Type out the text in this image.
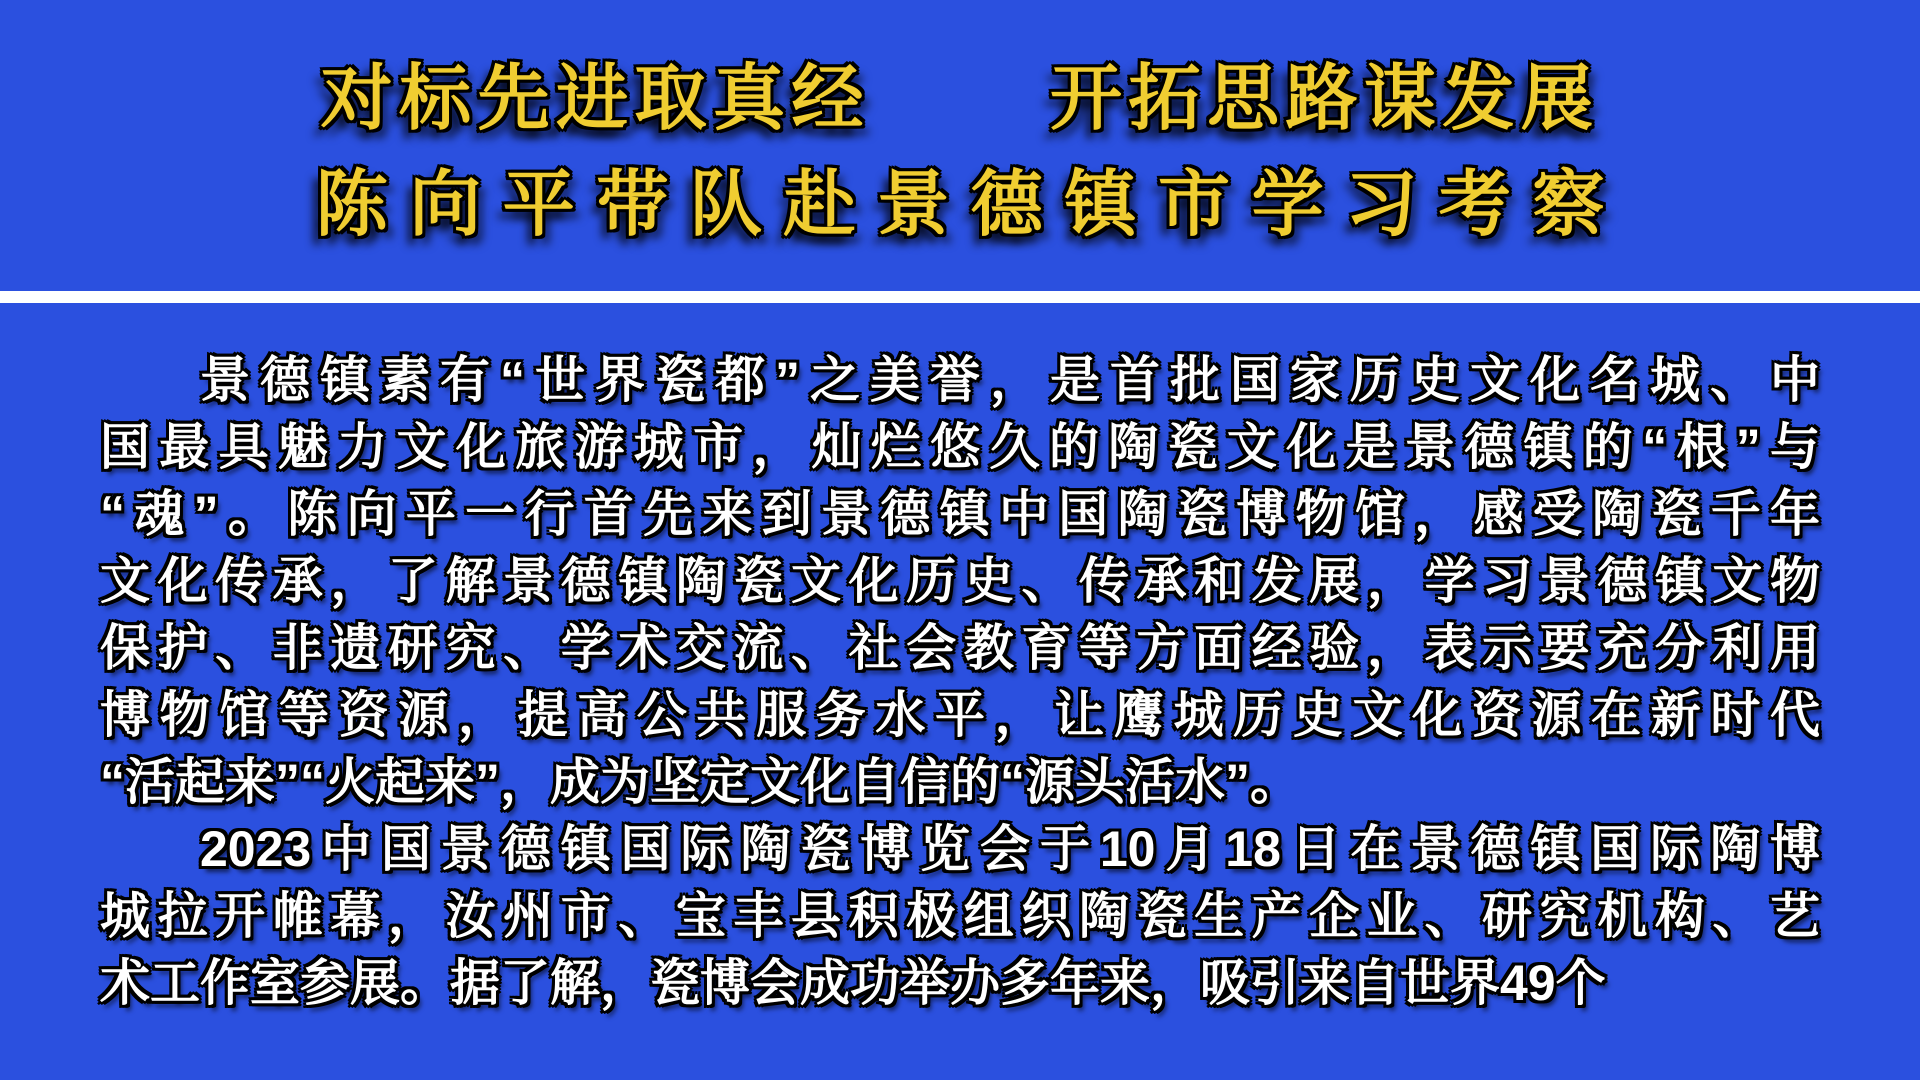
对标先进取真经	开拓思路谋发展
陈向平带队赴景德镇市学习考察
景德镇素有“世界瓷都”之美誉，是首批国家历史文化名城、中
国最具魅力文化旅游城市，灿烂悠久的陶瓷文化是景德镇的“根”与
“魂”。陈向平一行首先来到景德镇中国陶瓷博物馆，感受陶瓷千年
文化传承，了解景德镇陶瓷文化历史、传承和发展，学习景德镇文物
保护、非遗研究、学术交流、社会教育等方面经验，表示要充分利用
博物馆等资源，提高公共服务水平，让鹰城历史文化资源在新时代
“活起来”“火起来”，成为坚定文化自信的“源头活水”。
2023中国景德镇国际陶瓷博览会于10月18日在景德镇国际陶博
城拉开帷幕，汝州市、宝丰县积极组织陶瓷生产企业、研究机构、艺
术工作室参展。据了解，瓷博会成功举办多年来，吸引来自世界49个
